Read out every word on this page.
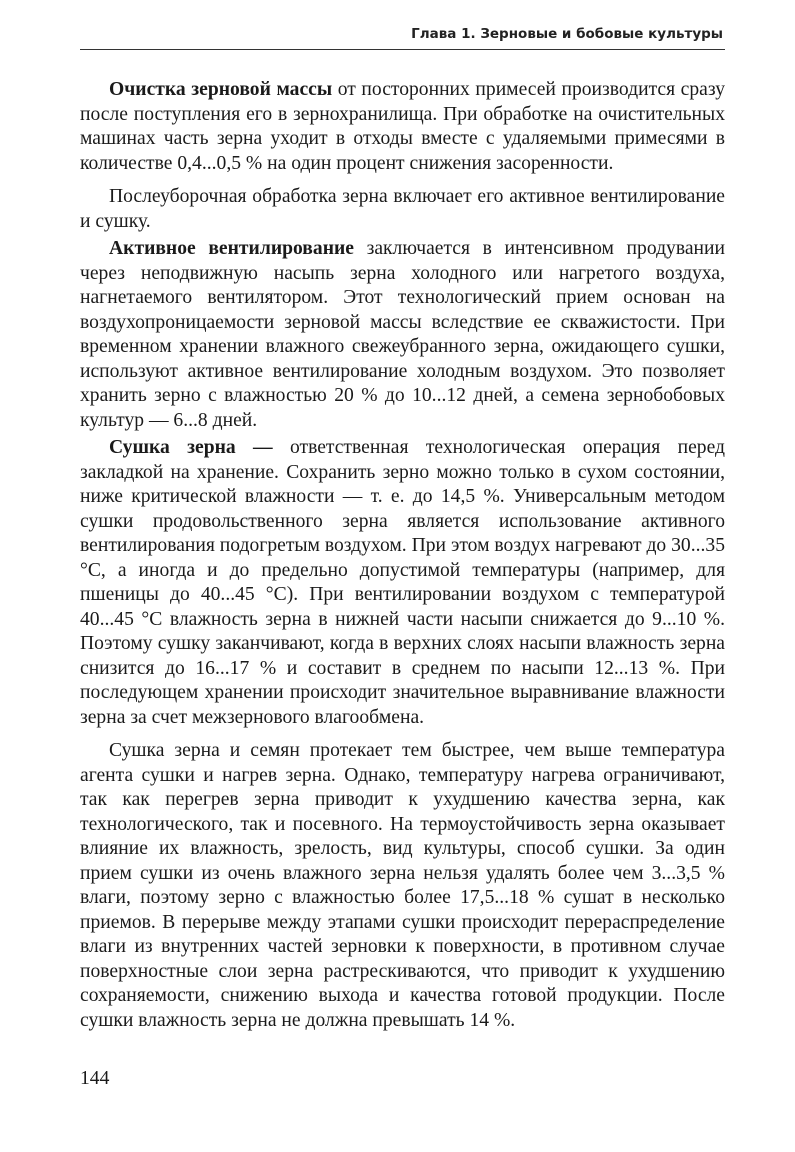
Глава 1. Зерновые и бобовые культуры

Очистка зерновой массы от посторонних примесей производится сразу после поступления его в зернохранилища. При обработке на очистительных машинах часть зерна уходит в отходы вместе с удаляемыми примесями в количестве 0,4...0,5 % на один процент снижения засоренности.

Послеуборочная обработка зерна включает его активное вентилирование и сушку.

Активное вентилирование заключается в интенсивном продувании через неподвижную насыпь зерна холодного или нагретого воздуха, нагнетаемого вентилятором. Этот технологический прием основан на воздухопроницаемости зерновой массы вследствие ее скважистости. При временном хранении влажного свежеубранного зерна, ожидающего сушки, используют активное вентилирование холодным воздухом. Это позволяет хранить зерно с влажностью 20 % до 10...12 дней, а семена зернобобовых культур — 6...8 дней.

Сушка зерна — ответственная технологическая операция перед закладкой на хранение. Сохранить зерно можно только в сухом состоянии, ниже критической влажности — т. е. до 14,5 %. Универсальным методом сушки продовольственного зерна является использование активного вентилирования подогретым воздухом. При этом воздух нагревают до 30...35 °С, а иногда и до предельно допустимой температуры (например, для пшеницы до 40...45 °С). При вентилировании воздухом с температурой 40...45 °С влажность зерна в нижней части насыпи снижается до 9...10 %. Поэтому сушку заканчивают, когда в верхних слоях насыпи влажность зерна снизится до 16...17 % и составит в среднем по насыпи 12...13 %. При последующем хранении происходит значительное выравнивание влажности зерна за счет межзернового влагообмена.

Сушка зерна и семян протекает тем быстрее, чем выше температура агента сушки и нагрев зерна. Однако, температуру нагрева ограничивают, так как перегрев зерна приводит к ухудшению качества зерна, как технологического, так и посевного. На термоустойчивость зерна оказывает влияние их влажность, зрелость, вид культуры, способ сушки. За один прием сушки из очень влажного зерна нельзя удалять более чем 3...3,5 % влаги, поэтому зерно с влажностью более 17,5...18 % сушат в несколько приемов. В перерыве между этапами сушки происходит перераспределение влаги из внутренних частей зерновки к поверхности, в противном случае поверхностные слои зерна растрескиваются, что приводит к ухудшению сохраняемости, снижению выхода и качества готовой продукции. После сушки влажность зерна не должна превышать 14 %.

144
